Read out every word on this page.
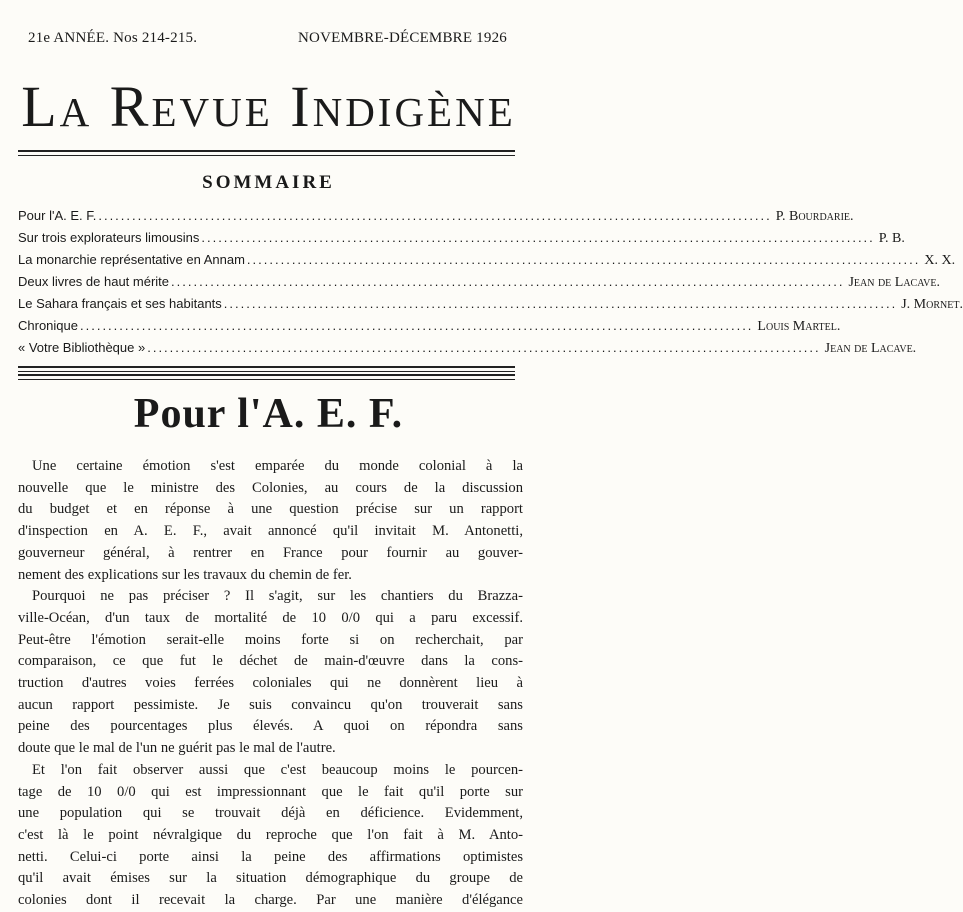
21e ANNÉE. Nos 214-215.	NOVEMBRE-DÉCEMBRE 1926
La Revue Indigène
SOMMAIRE
Pour l'A. E. F. ........................................................................................................................ P. Bourdarie.
Sur trois explorateurs limousins ........................................................................................................................ P. B.
La monarchie représentative en Annam ........................................................................................................................ X. X.
Deux livres de haut mérite ........................................................................................................................ Jean de Lacave.
Le Sahara français et ses habitants ........................................................................................................................ J. Mornet.
Chronique ........................................................................................................................ Louis Martel.
« Votre Bibliothèque » ........................................................................................................................ Jean de Lacave.
Pour l'A. E. F.
Une certaine émotion s'est emparée du monde colonial à la
nouvelle que le ministre des Colonies, au cours de la discussion
du budget et en réponse à une question précise sur un rapport
d'inspection en A. E. F., avait annoncé qu'il invitait M. Antonetti,
gouverneur général, à rentrer en France pour fournir au gouver-
nement des explications sur les travaux du chemin de fer.
Pourquoi ne pas préciser ? Il s'agit, sur les chantiers du Brazza-
ville-Océan, d'un taux de mortalité de 10 0/0 qui a paru excessif.
Peut-être l'émotion serait-elle moins forte si on recherchait, par
comparaison, ce que fut le déchet de main-d'œuvre dans la cons-
truction d'autres voies ferrées coloniales qui ne donnèrent lieu à
aucun rapport pessimiste. Je suis convaincu qu'on trouverait sans
peine des pourcentages plus élevés. A quoi on répondra sans
doute que le mal de l'un ne guérit pas le mal de l'autre.
Et l'on fait observer aussi que c'est beaucoup moins le pourcen-
tage de 10 0/0 qui est impressionnant que le fait qu'il porte sur
une population qui se trouvait déjà en déficience. Evidemment,
c'est là le point névralgique du reproche que l'on fait à M. Anto-
netti. Celui-ci porte ainsi la peine des affirmations optimistes
qu'il avait émises sur la situation démographique du groupe de
colonies dont il recevait la charge. Par une manière d'élégance
